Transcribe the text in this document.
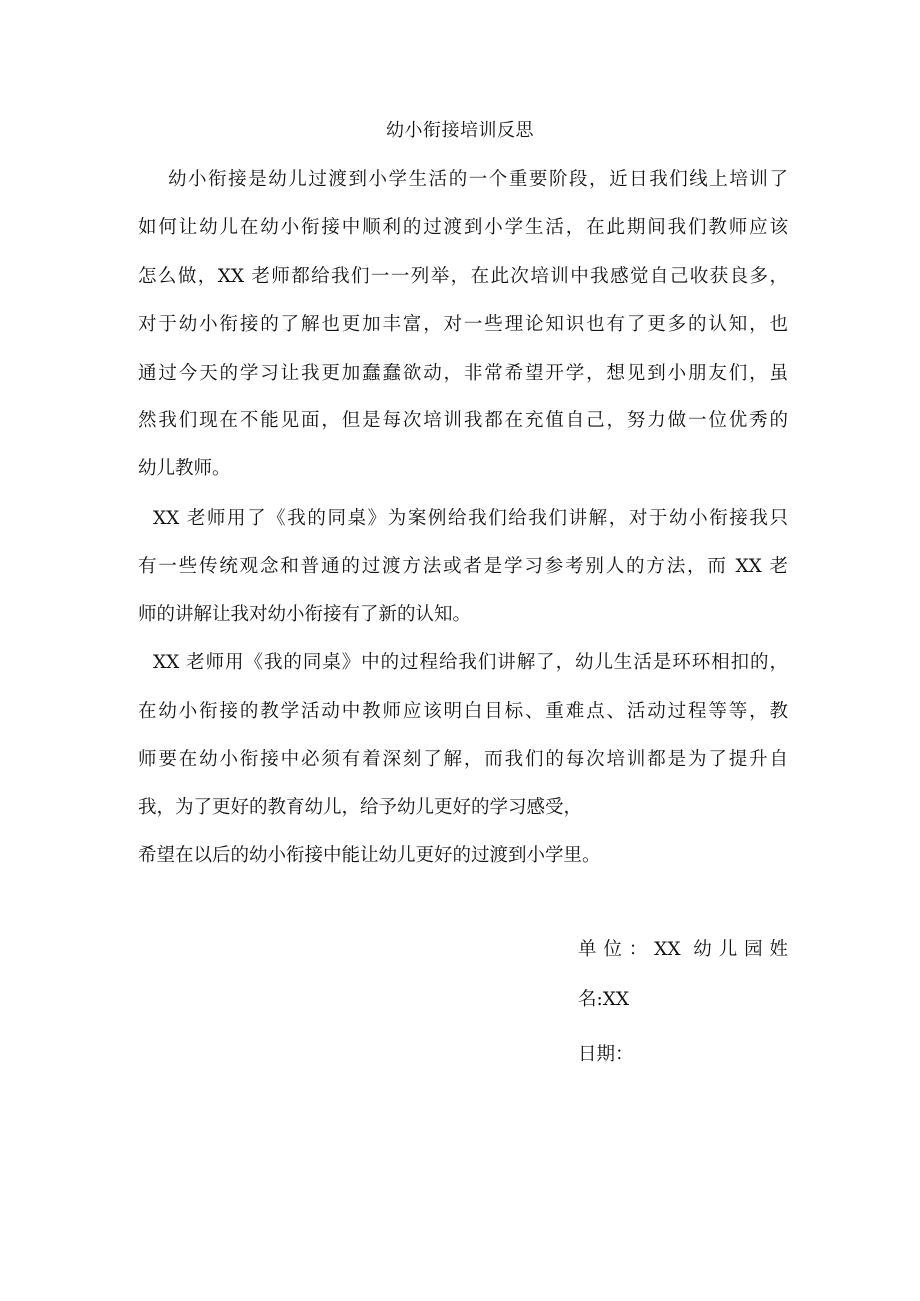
幼小衔接培训反思
幼小衔接是幼儿过渡到小学生活的一个重要阶段，近日我们线上培训了
如何让幼儿在幼小衔接中顺利的过渡到小学生活，在此期间我们教师应该
怎么做，XX 老师都给我们一一列举，在此次培训中我感觉自己收获良多，
对于幼小衔接的了解也更加丰富，对一些理论知识也有了更多的认知，也
通过今天的学习让我更加蠢蠢欲动，非常希望开学，想见到小朋友们，虽
然我们现在不能见面，但是每次培训我都在充值自己，努力做一位优秀的
幼儿教师。
XX 老师用了《我的同桌》为案例给我们给我们讲解，对于幼小衔接我只
有一些传统观念和普通的过渡方法或者是学习参考别人的方法，而 XX 老
师的讲解让我对幼小衔接有了新的认知。
XX 老师用《我的同桌》中的过程给我们讲解了，幼儿生活是环环相扣的，
在幼小衔接的教学活动中教师应该明白目标、重难点、活动过程等等，教
师要在幼小衔接中必须有着深刻了解，而我们的每次培训都是为了提升自
我，为了更好的教育幼儿，给予幼儿更好的学习感受，
希望在以后的幼小衔接中能让幼儿更好的过渡到小学里。
单位：XX 幼儿园姓
名:XX
日期：
